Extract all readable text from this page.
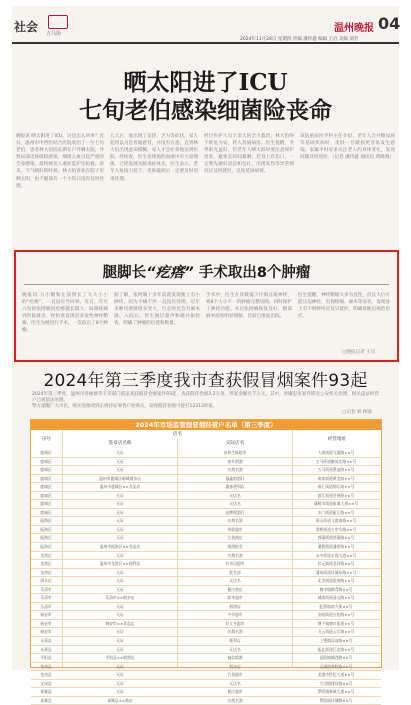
社会 五马街	温州晚报 04
2024年11月28日 星期四 责编 潘传鑫 编辑 王启 美编 刘芳
晒太阳进了ICU
七旬老伯感染细菌险丧命
晚报讯 晒太阳进了ICU，这是怎么回事？近日，温州市中西医结合医院收治了一位七旬老伯，患者林大伯因长期在户外晒太阳，导致局部皮肤破损感染，细菌入血引起严重的全身感染，最终被送入重症监护室抢救。原来，天气晴好的时候，林大伯喜欢在院子里晒太阳，由于腿部有一个小伤口没有及时处理。
几天后，他出现了发热、乏力等症状，家人起初以为是普通感冒，并没有在意。直到林大伯出现意识模糊，家人才急忙将他送到医院。经检查，医生发现他的血液中有大量细菌，已经发展为脓毒症休克。医生表示，老年人免疫力低下，皮肤破损后一定要及时消毒处理。
经过医护人员十余天的全力救治，林大伯终于转危为安，转入普通病房。医生提醒，冬季阳光虽好，但老年人晒太阳时要注意保护皮肤，避免长时间暴晒。若身上有伤口，一定要先做好清洁和包扎，出现发热等异常情况应及时就医，以免延误病情。
该院重症医学科主任介绍，老年人合并糖尿病等基础疾病时，皮肤一旦破损更容易发生感染。家属平时应多关注老人的身体变化，发现问题及时送医。（记者 潘传鑫 通讯员 黄晓燕）
腿脚长“疙瘩” 手术取出8个肿瘤
晚报讯 五小腿和左前臂长了大大小小的“疙瘩”，一直没有当回事。近日，年过六旬的张阿姨因疙瘩越长越大、局部疼痛到医院就诊，经检查发现是多发性神经鞘瘤，医生为她进行手术，一次取出了8个肿瘤。
据了解，张阿姨十多年前就发现腿上有小肿块，因为不痛不痒一直没有处理。近年来肿块逐渐增多变大，行走时还会有麻木感。入院后，医生通过超声和磁共振检查，明确了肿瘤的位置和数量。
手术中，医生在显微镜下仔细分离神经，将8个大小不一的肿瘤完整切除，同时保护了神经功能。术后张阿姨恢复良好，腿部麻木症状明显缓解，目前已康复出院。
医生提醒，神经鞘瘤大多为良性，但长大后可能压迫神经，出现疼痛、麻木等症状，发现身上有不明肿块应及早就医，明确诊断后规范治疗。
□晚报记者 王启
2024年第三季度我市查获假冒烟案件93起
2024年第三季度，温州市各级烟草专卖部门依法查获假冒卷烟案件93起，查获假冒卷烟3.2万条，涉案金额近千万元。其中，涉嫌犯罪案件移送公安机关处理，相关违法经营户已被依法处理。
警方提醒广大市民，购买卷烟请到正规持证零售户处购买，发现假冒卷烟可拨打12313举报。
□记者 刘 林锦
2024年市场监管假冒烟经营户名单（第三季度）
序号
店名
经营地址
签章店名称	实际店名
鹿城区	无证	冰和生鲜超市	大南街道飞霞路××号
鹿城区	无证	春升烟酒	五马街道解放北路××号
鹿城区	无证	名烟名酒	五马街道墨池路××号
鹿城区	温州市鹿城区邮城烟杂店	福鑫烟酒行	南郊街道黄龙路××号
鹿城区	温州市鹿城区××食品店	惠客便利店	南汇街道锦江路××号
鹿城区	无证	无店名	滨江街道会展路××号
鹿城区	无证	无店名	蒲鞋市街道新城大道××号
鹿城区	无证	品牌烟酒行	丰门街道瓯江路××号
瓯海区	无证	名烟名酒	景山街道飞霞南路××号
瓯海区	无证	华联超市	娄桥街道古岸头路××号
瓯海区	无证	百货商店	郭溪街道郭溪路××号
瓯海区	温州市瓯海区××食品店	烟酒批发	潘桥街道潘桥路××号
龙湾区	无证	名烟名酒	永中街道永强大道××号
龙湾区	温州市龙湾区××便利店	好邻居超市	状元街道龙祥路××号
龙湾区	无证	批发部	蒲州街道环城东路××号
洞头区	无证	无店名	北岙街道望海路××号
乐清市	无证	便民商店	柳市镇柳青路××号
乐清市	乐清市××烟杂店	联华超市	城南街道清远路××号
乐清市	无证	烟酒店	虹桥镇南大街××号
瑞安市	无证	平价超市	安阳街道万松路××号
瑞安市	瑞安市××食品店	好又多超市	塘下镇塘川街道××号
瑞安市	无证	名烟名酒	飞云街道云江路××号
永嘉县	无证	便利店	上塘镇县前路××号
永嘉县	无证	无店名	瓯北街道江北路××号
平阳县	平阳县××烟酒店	诚信烟酒	昆阳镇城西路××号
苍南县	无证	烟杂店	灵溪镇春晖路××号
苍南县	无证	百货超市	龙港市世纪大道××号
文成县	无证	无店名	大峃镇建设路××号
泰顺县	无证	便民超市	罗阳镇新城大道××号
泰顺县	泰顺县××商店	名烟名酒	罗阳镇环城路××号
